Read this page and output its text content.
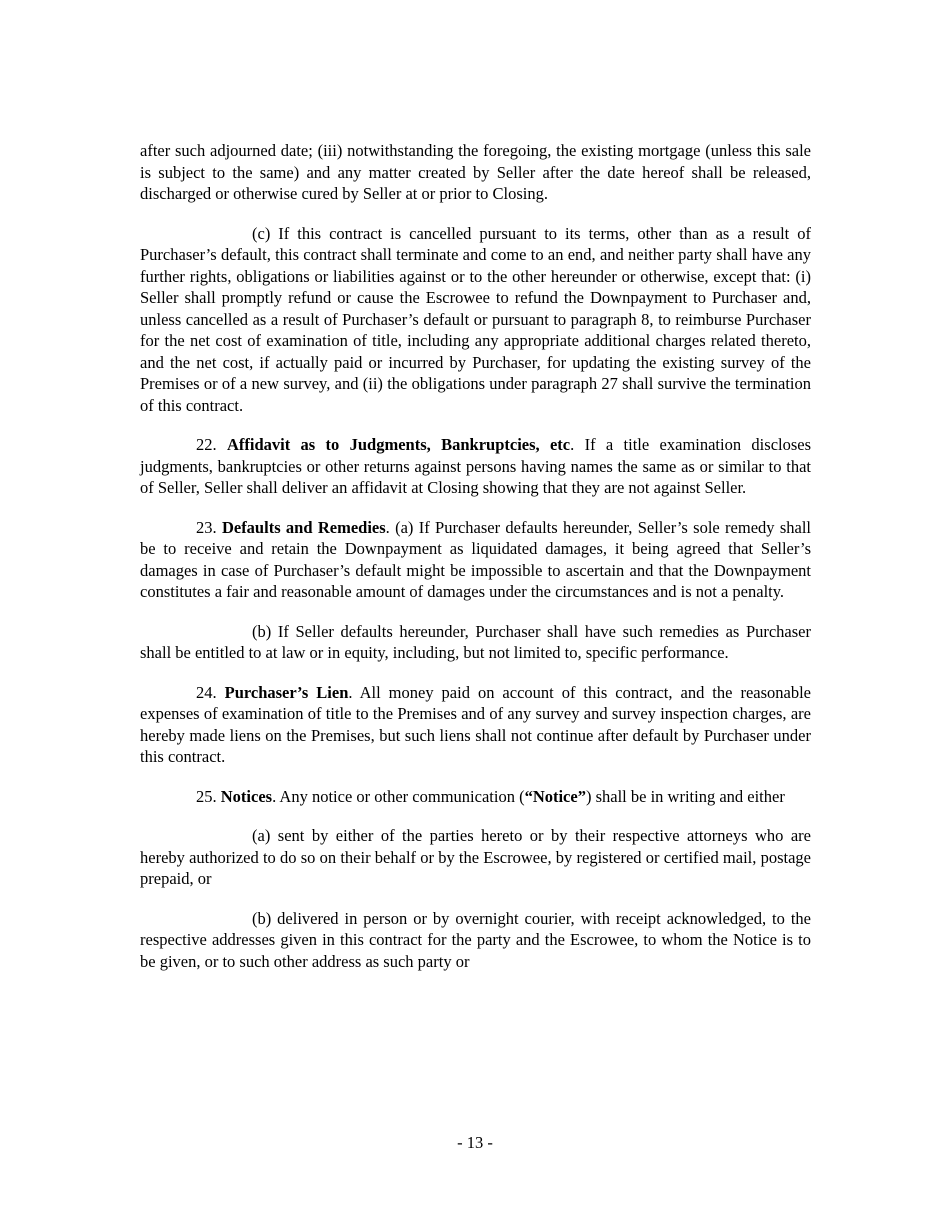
after such adjourned date; (iii) notwithstanding the foregoing, the existing mortgage (unless this sale is subject to the same) and any matter created by Seller after the date hereof shall be released, discharged or otherwise cured by Seller at or prior to Closing.

(c) If this contract is cancelled pursuant to its terms, other than as a result of Purchaser’s default, this contract shall terminate and come to an end, and neither party shall have any further rights, obligations or liabilities against or to the other hereunder or otherwise, except that: (i) Seller shall promptly refund or cause the Escrowee to refund the Downpayment to Purchaser and, unless cancelled as a result of Purchaser’s default or pursuant to paragraph 8, to reimburse Purchaser for the net cost of examination of title, including any appropriate additional charges related thereto, and the net cost, if actually paid or incurred by Purchaser, for updating the existing survey of the Premises or of a new survey, and (ii) the obligations under paragraph 27 shall survive the termination of this contract.

22. Affidavit as to Judgments, Bankruptcies, etc. If a title examination discloses judgments, bankruptcies or other returns against persons having names the same as or similar to that of Seller, Seller shall deliver an affidavit at Closing showing that they are not against Seller.

23. Defaults and Remedies. (a) If Purchaser defaults hereunder, Seller’s sole remedy shall be to receive and retain the Downpayment as liquidated damages, it being agreed that Seller’s damages in case of Purchaser’s default might be impossible to ascertain and that the Downpayment constitutes a fair and reasonable amount of damages under the circumstances and is not a penalty.

(b) If Seller defaults hereunder, Purchaser shall have such remedies as Purchaser shall be entitled to at law or in equity, including, but not limited to, specific performance.

24. Purchaser’s Lien. All money paid on account of this contract, and the reasonable expenses of examination of title to the Premises and of any survey and survey inspection charges, are hereby made liens on the Premises, but such liens shall not continue after default by Purchaser under this contract.

25. Notices. Any notice or other communication (“Notice”) shall be in writing and either

(a) sent by either of the parties hereto or by their respective attorneys who are hereby authorized to do so on their behalf or by the Escrowee, by registered or certified mail, postage prepaid, or

(b) delivered in person or by overnight courier, with receipt acknowledged, to the respective addresses given in this contract for the party and the Escrowee, to whom the Notice is to be given, or to such other address as such party or

- 13 -
